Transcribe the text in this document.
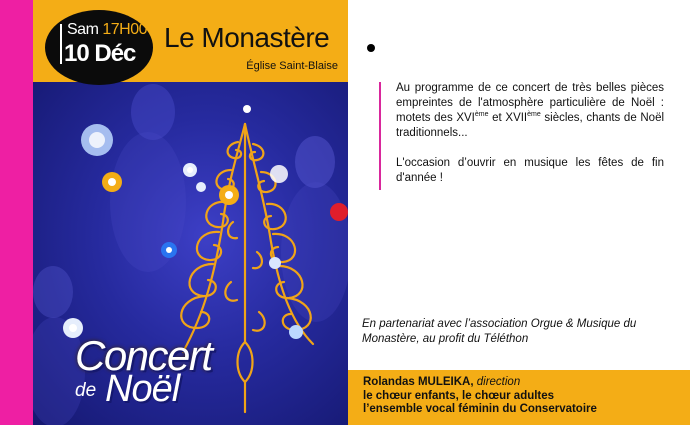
Sam 17H00
10 Déc
Le Monastère
Église Saint-Blaise
Concert
de Noël

Au programme de ce concert de très belles pièces empreintes de l'atmosphère particulière de Noël : motets des XVIème et XVIIème siècles, chants de Noël traditionnels...

L'occasion d’ouvrir en musique les fêtes de fin d'année !

En partenariat avec l’association Orgue & Musique du Monastère, au profit du Téléthon
Rolandas MULEIKA, direction
le chœur enfants, le chœur adultes
l’ensemble vocal féminin du Conservatoire
